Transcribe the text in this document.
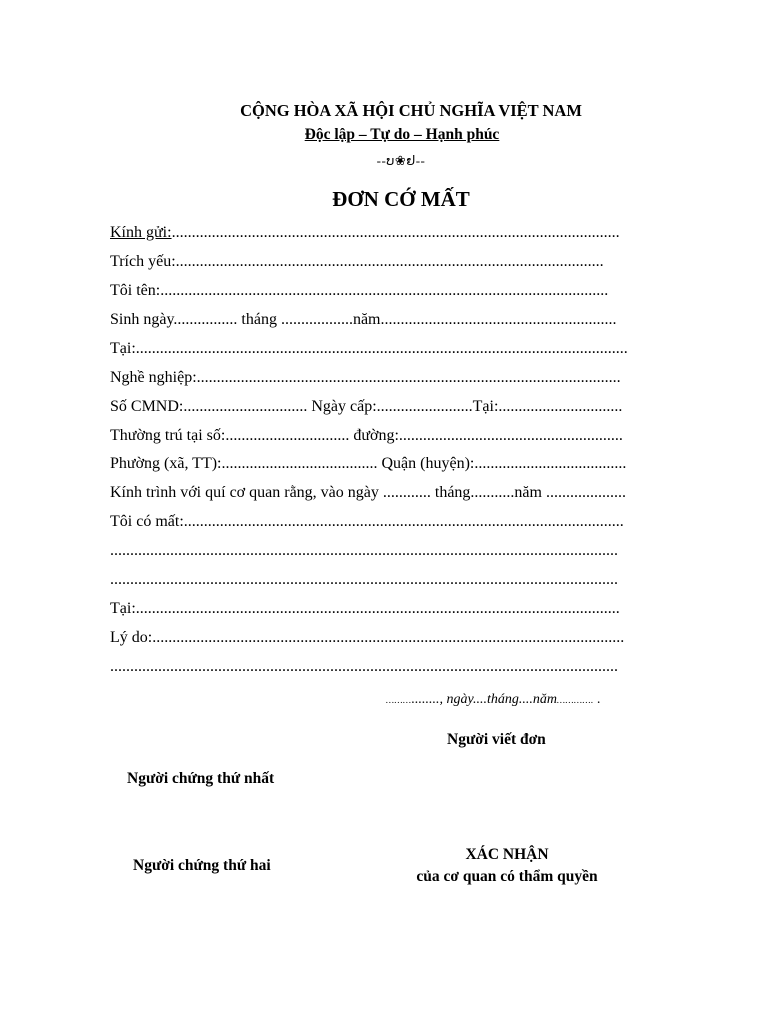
CỘNG HÒA XÃ HỘI CHỦ NGHĨA VIỆT NAM
Độc lập – Tự do – Hạnh phúc
--ບ❀ຢ--
ĐƠN CỚ MẤT
Kính gửi:................................................................................................................
Trích yếu:...........................................................................................................
Tôi tên:................................................................................................................
Sinh ngày................ tháng ..................năm...........................................................
Tại:...........................................................................................................................
Nghề nghiệp:..........................................................................................................
Số CMND:............................... Ngày cấp:........................Tại:...............................
Thường trú tại số:............................... đường:........................................................
Phường (xã, TT):....................................... Quận (huyện):......................................
Kính trình với quí cơ quan rằng, vào ngày ............ tháng...........năm ....................
Tôi có mất:..............................................................................................................
...............................................................................................................................
...............................................................................................................................
Tại:.........................................................................................................................
Lý do:......................................................................................................................
...............................................................................................................................
………........, ngày....tháng....năm…………. .
Người viết đơn
Người chứng thứ nhất
Người chứng thứ hai
XÁC NHẬN
của cơ quan có thẩm quyền
